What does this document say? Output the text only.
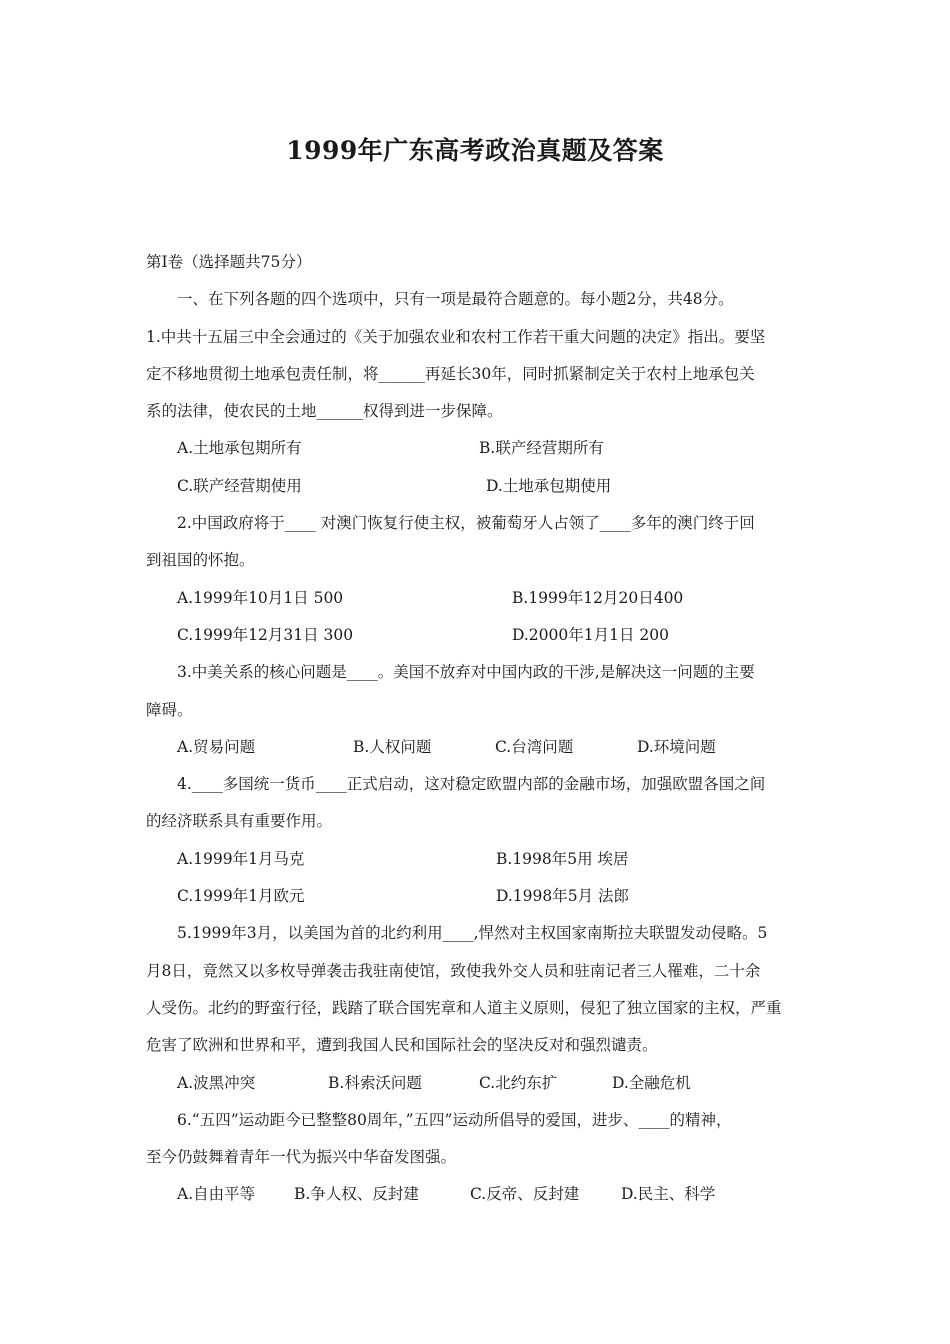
1999年广东高考政治真题及答案
第Ⅰ卷（选择题共75分）
一、在下列各题的四个选项中，只有一项是最符合题意的。每小题2分，共48分。
1.中共十五届三中全会通过的《关于加强农业和农村工作若干重大问题的决定》指出。要坚
定不移地贯彻土地承包责任制，将______再延长30年，同时抓紧制定关于农村上地承包关
系的法律，使农民的土地______权得到进一步保障。
A.土地承包期所有	B.联产经营期所有
C.联产经营期使用	D.土地承包期使用
2.中国政府将于____ 对澳门恢复行使主权，被葡萄牙人占领了____多年的澳门终于回
到祖国的怀抱。
A.1999年10月1日 500	B.1999年12月20日400
C.1999年12月31日 300	D.2000年1月1日 200
3.中美关系的核心问题是____。美国不放弃对中国内政的干涉,是解决这一问题的主要
障碍。
A.贸易问题	B.人权问题	C.台湾问题	D.环境问题
4.____多国统一货币____正式启动，这对稳定欧盟内部的金融市场，加强欧盟各国之间
的经济联系具有重要作用。
A.1999年1月马克	B.1998年5用 埃居
C.1999年1月欧元	D.1998年5月 法郎
5.1999年3月，以美国为首的北约利用____,悍然对主权国家南斯拉夫联盟发动侵略。5
月8日，竟然又以多枚导弹袭击我驻南使馆，致使我外交人员和驻南记者三人罹难，二十余
人受伤。北约的野蛮行径，践踏了联合国宪章和人道主义原则，侵犯了独立国家的主权，严重
危害了欧洲和世界和平，遭到我国人民和国际社会的坚决反对和强烈谴责。
A.波黑冲突	B.科索沃问题	C.北约东扩	D.全融危机
6.“五四”运动距今已整整80周年，”五四”运动所倡导的爱国，进步、____的精神，
至今仍鼓舞着青年一代为振兴中华奋发图强。
A.自由平等	B.争人权、反封建	C.反帝、反封建	D.民主、科学
